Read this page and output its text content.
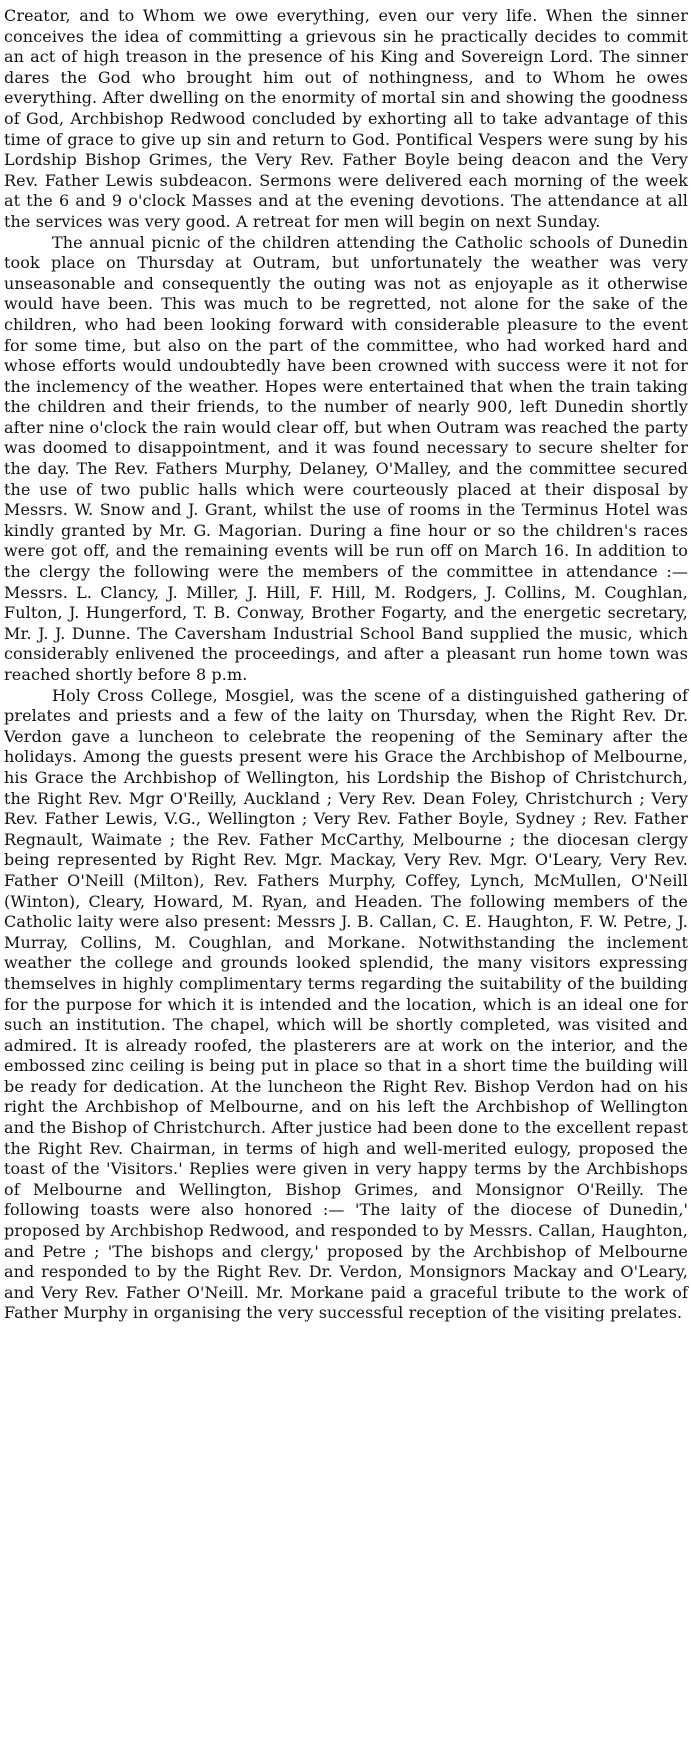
Creator, and to Whom we owe everything, even our very life. When the sinner conceives the idea of committing a grievous sin he practically decides to commit an act of high treason in the presence of his King and Sovereign Lord. The sinner dares the God who brought him out of nothingness, and to Whom he owes everything. After dwelling on the enormity of mortal sin and showing the goodness of God, Archbishop Redwood concluded by exhorting all to take advantage of this time of grace to give up sin and return to God. Pontifical Vespers were sung by his Lordship Bishop Grimes, the Very Rev. Father Boyle being deacon and the Very Rev. Father Lewis subdeacon. Sermons were delivered each morning of the week at the 6 and 9 o'clock Masses and at the evening devotions. The attendance at all the services was very good. A retreat for men will begin on next Sunday.

The annual picnic of the children attending the Catholic schools of Dunedin took place on Thursday at Outram, but unfortunately the weather was very unseasonable and consequently the outing was not as enjoyaple as it otherwise would have been. This was much to be regretted, not alone for the sake of the children, who had been looking forward with considerable pleasure to the event for some time, but also on the part of the committee, who had worked hard and whose efforts would undoubtedly have been crowned with success were it not for the inclemency of the weather. Hopes were entertained that when the train taking the children and their friends, to the number of nearly 900, left Dunedin shortly after nine o'clock the rain would clear off, but when Outram was reached the party was doomed to disappointment, and it was found necessary to secure shelter for the day. The Rev. Fathers Murphy, Delaney, O'Malley, and the committee secured the use of two public halls which were courteously placed at their disposal by Messrs. W. Snow and J. Grant, whilst the use of rooms in the Terminus Hotel was kindly granted by Mr. G. Magorian. During a fine hour or so the children's races were got off, and the remaining events will be run off on March 16. In addition to the clergy the following were the members of the committee in attendance :— Messrs. L. Clancy, J. Miller, J. Hill, F. Hill, M. Rodgers, J. Collins, M. Coughlan, Fulton, J. Hungerford, T. B. Conway, Brother Fogarty, and the energetic secretary, Mr. J. J. Dunne. The Caversham Industrial School Band supplied the music, which considerably enlivened the proceedings, and after a pleasant run home town was reached shortly before 8 p.m.

Holy Cross College, Mosgiel, was the scene of a distinguished gathering of prelates and priests and a few of the laity on Thursday, when the Right Rev. Dr. Verdon gave a luncheon to celebrate the reopening of the Seminary after the holidays. Among the guests present were his Grace the Archbishop of Melbourne, his Grace the Archbishop of Wellington, his Lordship the Bishop of Christchurch, the Right Rev. Mgr O'Reilly, Auckland ; Very Rev. Dean Foley, Christchurch ; Very Rev. Father Lewis, V.G., Wellington ; Very Rev. Father Boyle, Sydney ; Rev. Father Regnault, Waimate ; the Rev. Father McCarthy, Melbourne ; the diocesan clergy being represented by Right Rev. Mgr. Mackay, Very Rev. Mgr. O'Leary, Very Rev. Father O'Neill (Milton), Rev. Fathers Murphy, Coffey, Lynch, McMullen, O'Neill (Winton), Cleary, Howard, M. Ryan, and Headen. The following members of the Catholic laity were also present: Messrs J. B. Callan, C. E. Haughton, F. W. Petre, J. Murray, Collins, M. Coughlan, and Morkane. Notwithstanding the inclement weather the college and grounds looked splendid, the many visitors expressing themselves in highly complimentary terms regarding the suitability of the building for the purpose for which it is intended and the location, which is an ideal one for such an institution. The chapel, which will be shortly completed, was visited and admired. It is already roofed, the plasterers are at work on the interior, and the embossed zinc ceiling is being put in place so that in a short time the building will be ready for dedication. At the luncheon the Right Rev. Bishop Verdon had on his right the Archbishop of Melbourne, and on his left the Archbishop of Wellington and the Bishop of Christchurch. After justice had been done to the excellent repast the Right Rev. Chairman, in terms of high and well-merited eulogy, proposed the toast of the 'Visitors.' Replies were given in very happy terms by the Archbishops of Melbourne and Wellington, Bishop Grimes, and Monsignor O'Reilly. The following toasts were also honored :— 'The laity of the diocese of Dunedin,' proposed by Archbishop Redwood, and responded to by Messrs. Callan, Haughton, and Petre ; 'The bishops and clergy,' proposed by the Archbishop of Melbourne and responded to by the Right Rev. Dr. Verdon, Monsignors Mackay and O'Leary, and Very Rev. Father O'Neill. Mr. Morkane paid a graceful tribute to the work of Father Murphy in organising the very successful reception of the visiting prelates.
